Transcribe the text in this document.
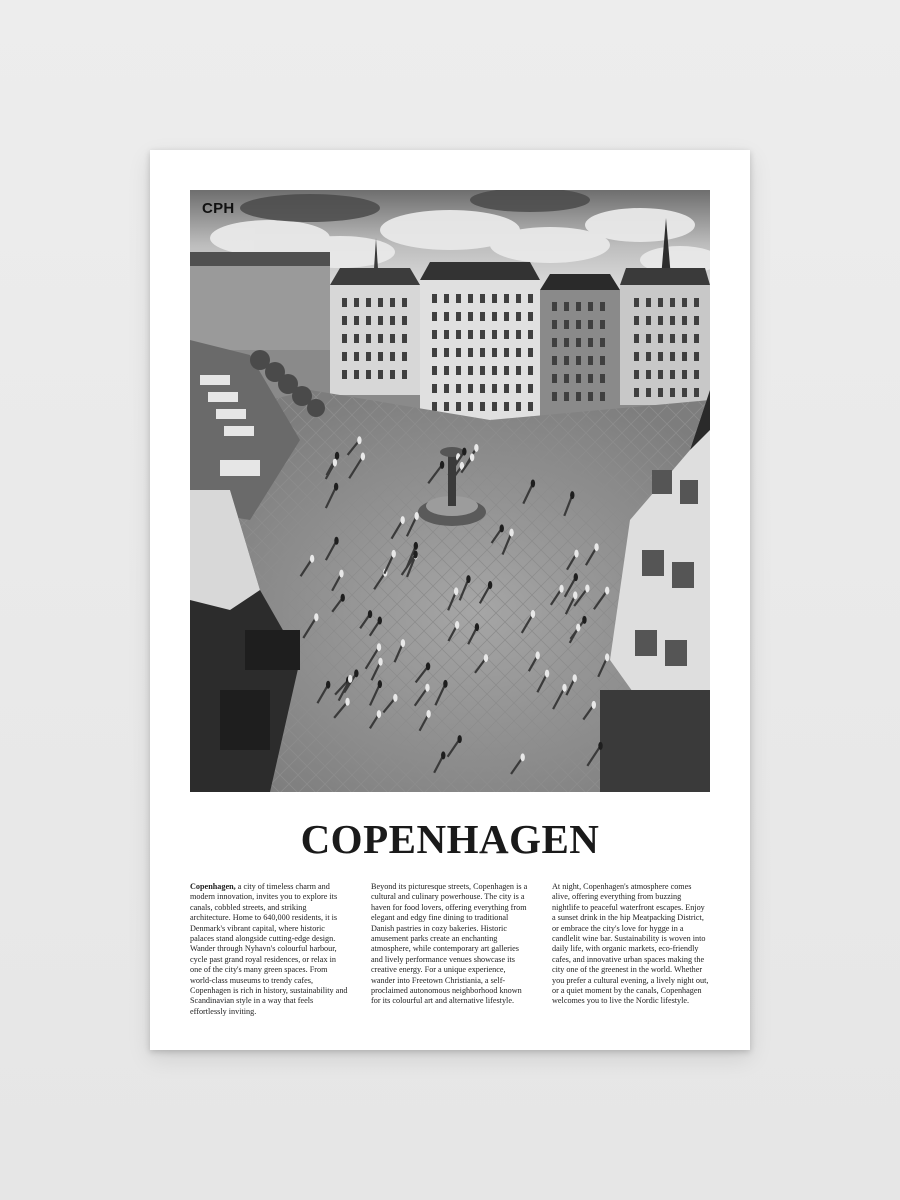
CPH
COPENHAGEN

Copenhagen, a city of timeless charm and modern innovation, invites you to explore its canals, cobbled streets, and striking architecture. Home to 640,000 residents, it is Denmark's vibrant capital, where historic palaces stand alongside cutting-edge design. Wander through Nyhavn's colourful harbour, cycle past grand royal residences, or relax in one of the city's many green spaces. From world-class museums to trendy cafes, Copenhagen is rich in history, sustainability and Scandinavian style in a way that feels effortlessly inviting.

Beyond its picturesque streets, Copenhagen is a cultural and culinary powerhouse. The city is a haven for food lovers, offering everything from elegant and edgy fine dining to traditional Danish pastries in cozy bakeries. Historic amusement parks create an enchanting atmosphere, while contemporary art galleries and lively performance venues showcase its creative energy. For a unique experience, wander into Freetown Christiania, a self-proclaimed autonomous neighborhood known for its colourful art and alternative lifestyle.

At night, Copenhagen's atmosphere comes alive, offering everything from buzzing nightlife to peaceful waterfront escapes. Enjoy a sunset drink in the hip Meatpacking District, or embrace the city's love for hygge in a candlelit wine bar. Sustainability is woven into daily life, with organic markets, eco-friendly cafes, and innovative urban spaces making the city one of the greenest in the world. Whether you prefer a cultural evening, a lively night out, or a quiet moment by the canals, Copenhagen welcomes you to live the Nordic lifestyle.
